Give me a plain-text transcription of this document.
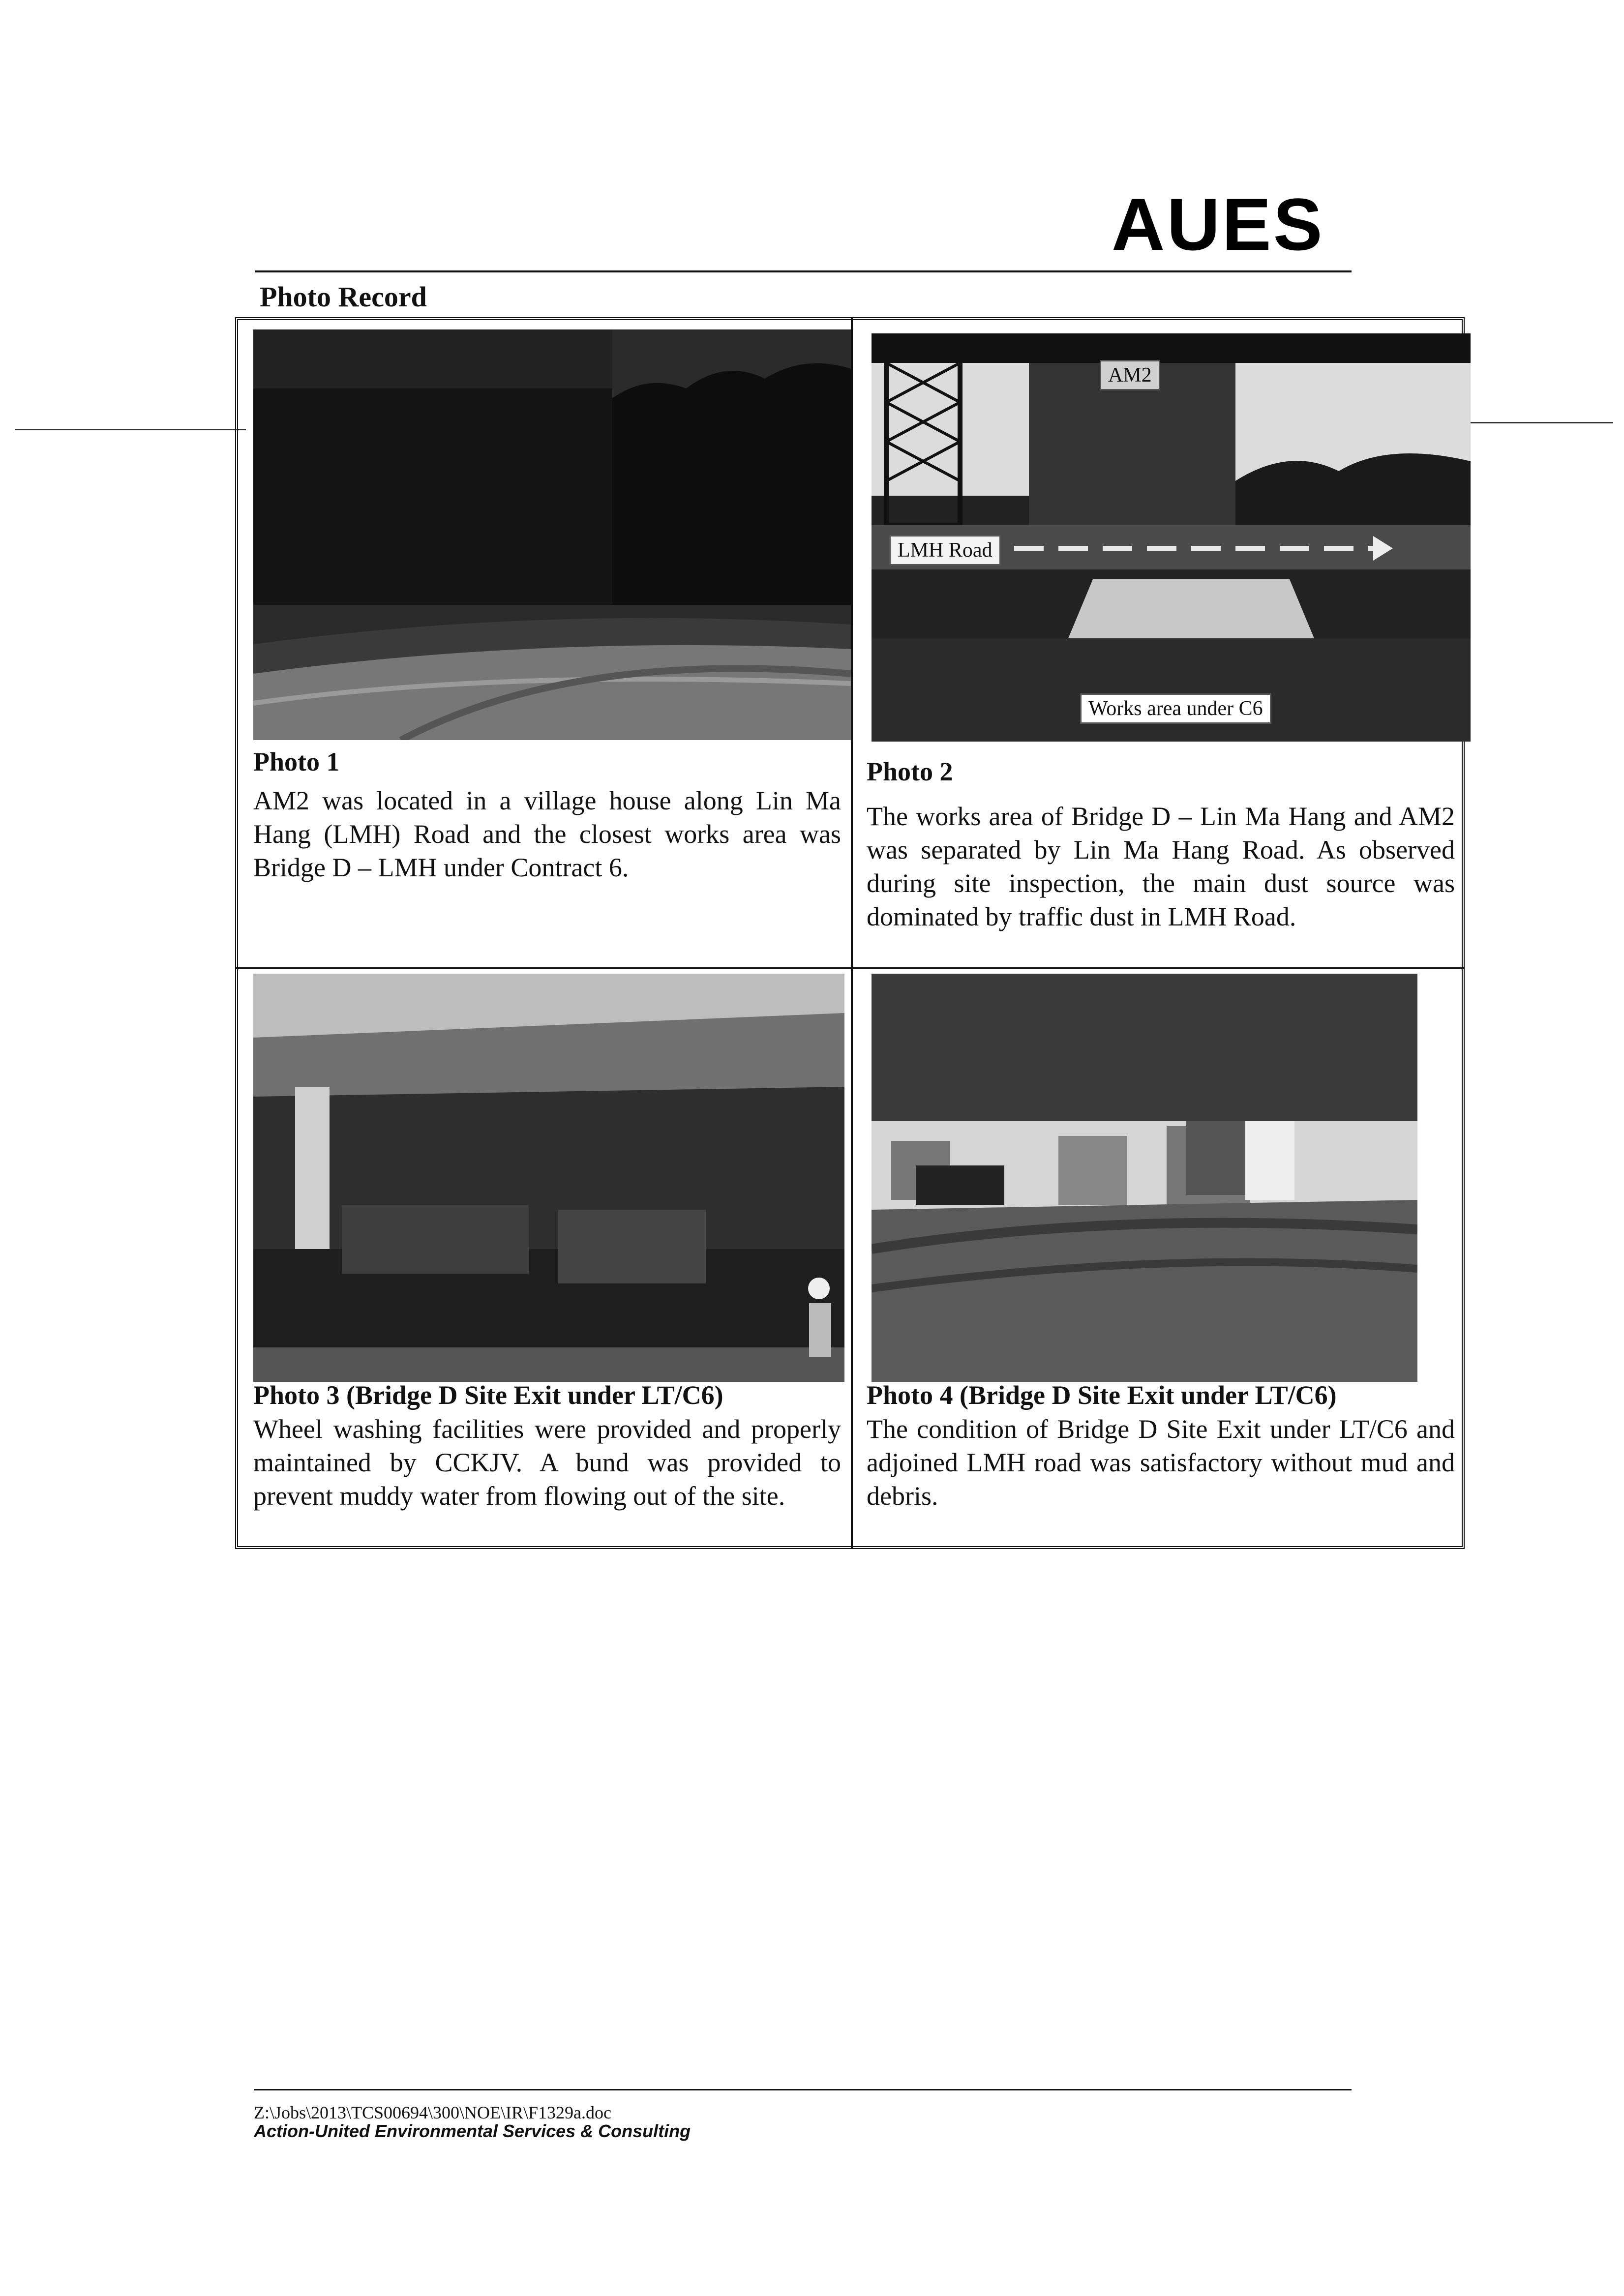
AUES
Photo Record
Photo 1
AM2 was located in a village house along Lin Ma Hang (LMH) Road and the closest works area was Bridge D – LMH under Contract 6.
AM2
LMH Road
Works area under C6
Photo 2
The works area of Bridge D – Lin Ma Hang and AM2 was separated by Lin Ma Hang Road. As observed during site inspection, the main dust source was dominated by traffic dust in LMH Road.
Photo 3 (Bridge D Site Exit under LT/C6)
Wheel washing facilities were provided and properly maintained by CCKJV. A bund was provided to prevent muddy water from flowing out of the site.
Photo 4 (Bridge D Site Exit under LT/C6)
The condition of Bridge D Site Exit under LT/C6 and adjoined LMH road was satisfactory without mud and debris.
Z:\Jobs\2013\TCS00694\300\NOE\IR\F1329a.doc
Action-United Environmental Services & Consulting
